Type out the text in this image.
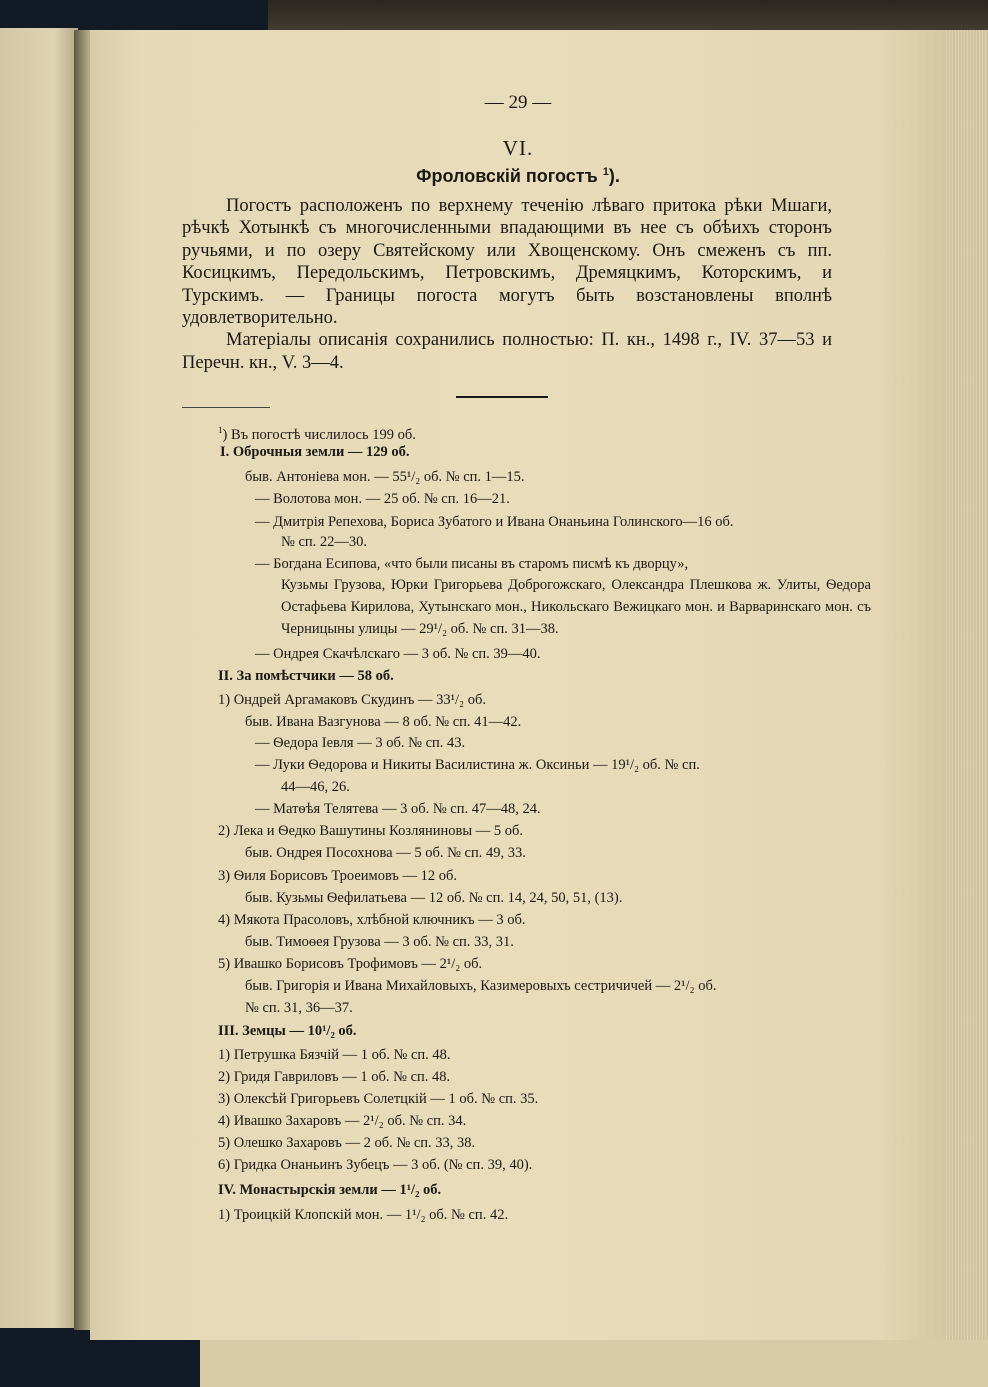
— 29 —
VI.
Фроловскій погостъ $^1$).

Погостъ расположенъ по верхнему теченію лѣваго притока рѣки Мшаги, рѣчкѣ Хотынкѣ съ многочисленными впадающими въ нее съ обѣихъ сторонъ ручьями, и по озеру Святейскому или Хвощенскому. Онъ смеженъ съ пп. Косицкимъ, Передольскимъ, Петровскимъ, Дремяцкимъ, Которскимъ, и Турскимъ. — Границы погоста могутъ быть возстановлены вполнѣ удовлетворительно.

Матеріалы описанія сохранились полностью: П. кн., 1498 г., IV. 37—53 и Перечн. кн., V. 3—4.

$^1$) Въ погостѣ числилось 199 об.
I. Оброчныя земли — 129 об.
быв. Антоніева мон. — 55¹/₂ об. № сп. 1—15.
— Волотова мон. — 25 об. № сп. 16—21.
— Дмитрія Репехова, Бориса Зубатого и Ивана Онаньина Голинского—16 об.
№ сп. 22—30.
— Богдана Есипова, «что были писаны въ старомъ писмѣ къ дворцу»,
Кузьмы Грузова, Юрки Григорьева Доброгожскаго, Олександра Плешкова ж. Улиты, Ѳедора Остафьева Кирилова, Хутынскаго мон., Никольскаго Вежицкаго мон. и Варваринскаго мон. съ Черницыны улицы — 29¹/₂ об. № сп. 31—38.
— Ондрея Скачѣлскаго — 3 об. № сп. 39—40.
II. За помѣстчики — 58 об.
1) Ондрей Аргамаковъ Скудинъ — 33¹/₂ об.
быв. Ивана Вазгунова — 8 об. № сп. 41—42.
— Ѳедора Іевля — 3 об. № сп. 43.
— Луки Ѳедорова и Никиты Василистина ж. Оксиньи — 19¹/₂ об. № сп.
44—46, 26.
— Матѳѣя Телятева — 3 об. № сп. 47—48, 24.
2) Лека и Ѳедко Вашутины Козляниновы — 5 об.
быв. Ондрея Посохнова — 5 об. № сп. 49, 33.
3) Ѳиля Борисовъ Троеимовъ — 12 об.
быв. Кузьмы Ѳефилатьева — 12 об. № сп. 14, 24, 50, 51, (13).
4) Мякота Прасоловъ, хлѣбной ключникъ — 3 об.
быв. Тимоѳея Грузова — 3 об. № сп. 33, 31.
5) Ивашко Борисовъ Трофимовъ — 2¹/₂ об.
быв. Григорія и Ивана Михайловыхъ, Казимеровыхъ сестричичей — 2¹/₂ об.
№ сп. 31, 36—37.
III. Земцы — 10¹/₂ об.
1) Петрушка Бязчій — 1 об. № сп. 48.
2) Гридя Гавриловъ — 1 об. № сп. 48.
3) Олексѣй Григорьевъ Солетцкій — 1 об. № сп. 35.
4) Ивашко Захаровъ — 2¹/₂ об. № сп. 34.
5) Олешко Захаровъ — 2 об. № сп. 33, 38.
6) Гридка Онаньинъ Зубецъ — 3 об. (№ сп. 39, 40).
IV. Монастырскія земли — 1¹/₂ об.
1) Троицкій Клопскій мон. — 1¹/₂ об. № сп. 42.
